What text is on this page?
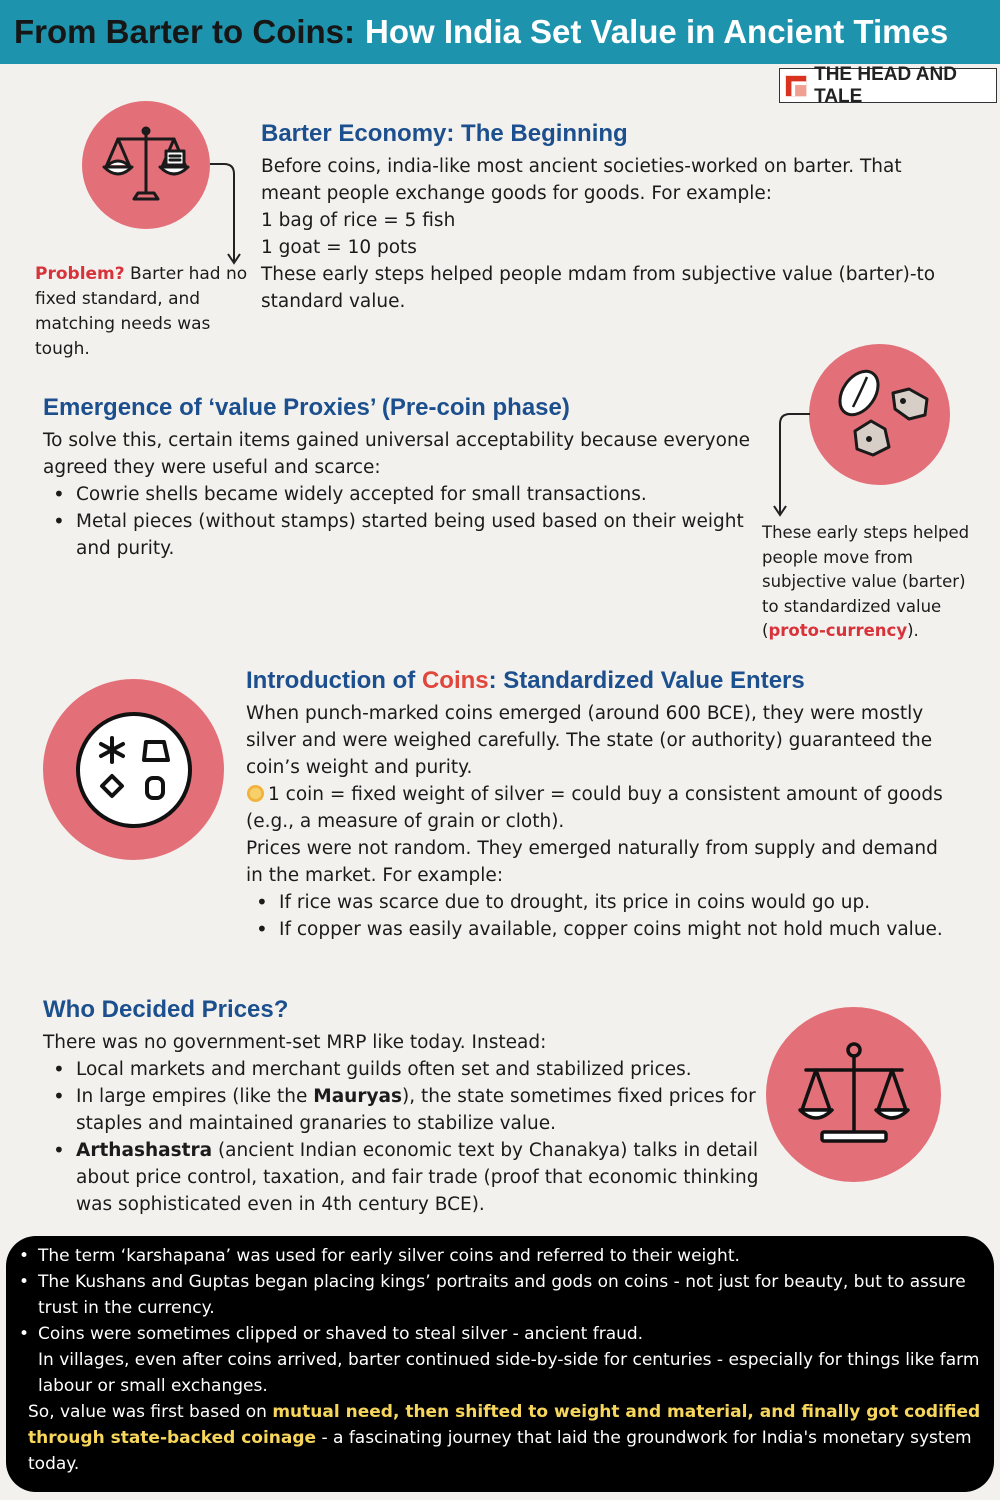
From Barter to Coins: How India Set Value in Ancient Times
THE HEAD AND TALE
Barter Economy: The Beginning

Before coins, india-like most ancient societies-worked on barter. That meant people exchange goods for goods. For example:

1 bag of rice = 5 fish

1 goat = 10 pots

These early steps helped people mdam from subjective value (barter)-to standard value.

Problem? Barter had no fixed standard, and matching needs was tough.
Emergence of ‘value Proxies’ (Pre-coin phase)

To solve this, certain items gained universal acceptability because everyone agreed they were useful and scarce:

• Cowrie shells became widely accepted for small transactions.
• Metal pieces (without stamps) started being used based on their weight and purity.
These early steps helped people move from subjective value (barter) to standardized value (proto-currency).
Introduction of Coins: Standardized Value Enters

When punch-marked coins emerged (around 600 BCE), they were mostly silver and were weighed carefully. The state (or authority) guaranteed the coin’s weight and purity.

1 coin = fixed weight of silver = could buy a consistent amount of goods (e.g., a measure of grain or cloth).

Prices were not random. They emerged naturally from supply and demand in the market. For example:

• If rice was scarce due to drought, its price in coins would go up.
• If copper was easily available, copper coins might not hold much value.
Who Decided Prices?

There was no government-set MRP like today. Instead:

• Local markets and merchant guilds often set and stabilized prices.
• In large empires (like the Mauryas), the state sometimes fixed prices for staples and maintained granaries to stabilize value.
• Arthashastra (ancient Indian economic text by Chanakya) talks in detail about price control, taxation, and fair trade (proof that economic thinking was sophisticated even in 4th century BCE).
• The term ‘karshapana’ was used for early silver coins and referred to their weight.
• The Kushans and Guptas began placing kings’ portraits and gods on coins - not just for beauty, but to assure trust in the currency.
• Coins were sometimes clipped or shaved to steal silver - ancient fraud.

In villages, even after coins arrived, barter continued side-by-side for centuries - especially for things like farm labour or small exchanges.

So, value was first based on mutual need, then shifted to weight and material, and finally got codified through state-backed coinage - a fascinating journey that laid the groundwork for India's monetary system today.
